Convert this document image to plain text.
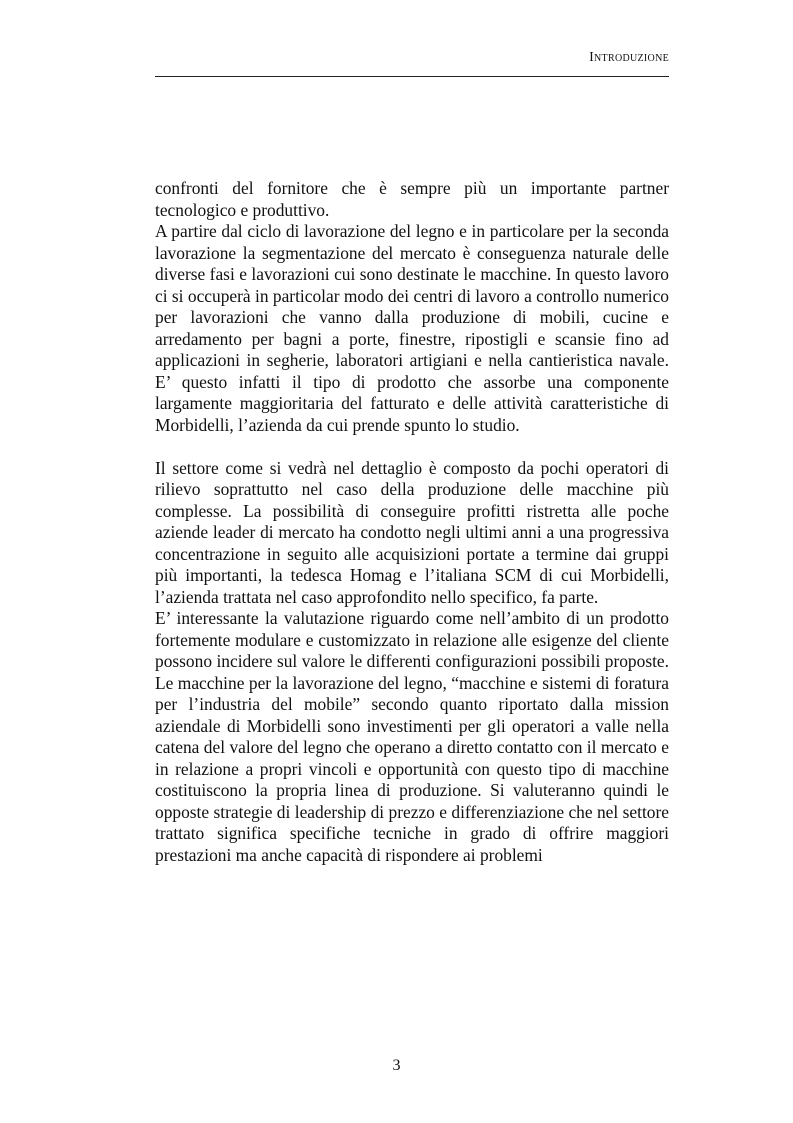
Introduzione

confronti del fornitore che è sempre più un importante partner tecnologico e produttivo.

A partire dal ciclo di lavorazione del legno e in particolare per la seconda lavorazione la segmentazione del mercato è conseguenza naturale delle diverse fasi e lavorazioni cui sono destinate le macchine. In questo lavoro ci si occuperà in particolar modo dei centri di lavoro a controllo numerico per lavorazioni che vanno dalla produzione di mobili, cucine e arredamento per bagni a porte, finestre, ripostigli e scansie fino ad applicazioni in segherie, laboratori artigiani e nella cantieristica navale. E’ questo infatti il tipo di prodotto che assorbe una componente largamente maggioritaria del fatturato e delle attività caratteristiche di Morbidelli, l’azienda da cui prende spunto lo studio.

Il settore come si vedrà nel dettaglio è composto da pochi operatori di rilievo soprattutto nel caso della produzione delle macchine più complesse. La possibilità di conseguire profitti ristretta alle poche aziende leader di mercato ha condotto negli ultimi anni a una progressiva concentrazione in seguito alle acquisizioni portate a termine dai gruppi più importanti, la tedesca Homag e l’italiana SCM di cui Morbidelli, l’azienda trattata nel caso approfondito nello specifico, fa parte.

E’ interessante la valutazione riguardo come nell’ambito di un prodotto fortemente modulare e customizzato in relazione alle esigenze del cliente possono incidere sul valore le differenti configurazioni possibili proposte. Le macchine per la lavorazione del legno, “macchine e sistemi di foratura per l’industria del mobile” secondo quanto riportato dalla mission aziendale di Morbidelli sono investimenti per gli operatori a valle nella catena del valore del legno che operano a diretto contatto con il mercato e in relazione a propri vincoli e opportunità con questo tipo di macchine costituiscono la propria linea di produzione. Si valuteranno quindi le opposte strategie di leadership di prezzo e differenziazione che nel settore trattato significa specifiche tecniche in grado di offrire maggiori prestazioni ma anche capacità di rispondere ai problemi

3
